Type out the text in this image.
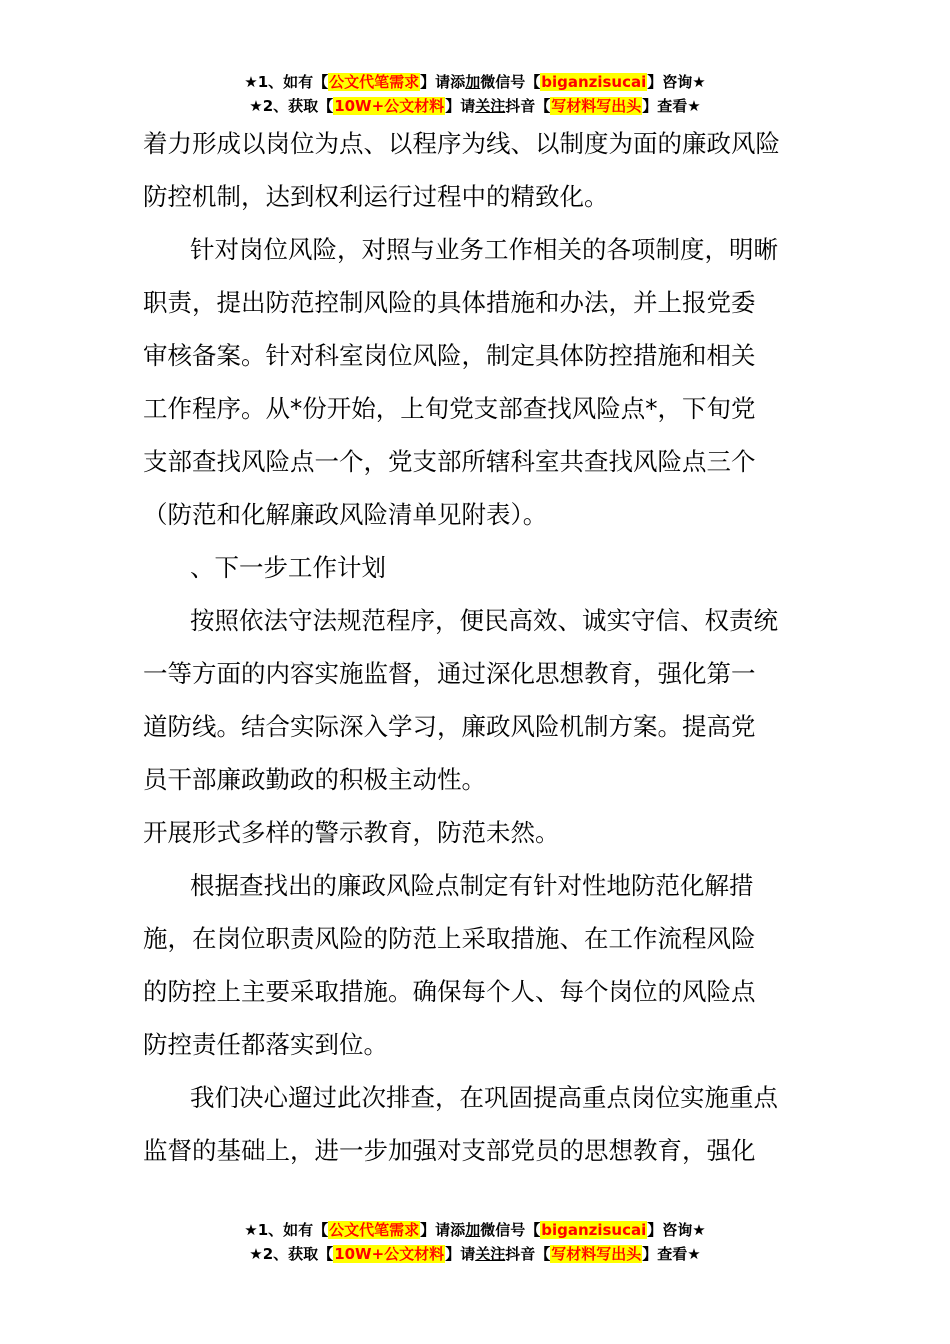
★1、如有【公文代笔需求】请添加微信号【biganzisucai】咨询★
★2、获取【10W+公文材料】请关注抖音【写材料写出头】查看★

着力形成以岗位为点、以程序为线、以制度为面的廉政风险

防控机制，达到权利运行过程中的精致化。

针对岗位风险，对照与业务工作相关的各项制度，明晰

职责，提出防范控制风险的具体措施和办法，并上报党委

审核备案。针对科室岗位风险，制定具体防控措施和相关

工作程序。从*份开始，上旬党支部查找风险点*，下旬党

支部查找风险点一个，党支部所辖科室共查找风险点三个

（防范和化解廉政风险清单见附表）。

、下一步工作计划

按照依法守法规范程序，便民高效、诚实守信、权责统

一等方面的内容实施监督，通过深化思想教育，强化第一

道防线。结合实际深入学习，廉政风险机制方案。提高党

员干部廉政勤政的积极主动性。

开展形式多样的警示教育，防范未然。

根据查找出的廉政风险点制定有针对性地防范化解措

施，在岗位职责风险的防范上采取措施、在工作流程风险

的防控上主要采取措施。确保每个人、每个岗位的风险点

防控责任都落实到位。

我们决心遛过此次排查，在巩固提高重点岗位实施重点

监督的基础上，进一步加强对支部党员的思想教育，强化

★1、如有【公文代笔需求】请添加微信号【biganzisucai】咨询★
★2、获取【10W+公文材料】请关注抖音【写材料写出头】查看★
